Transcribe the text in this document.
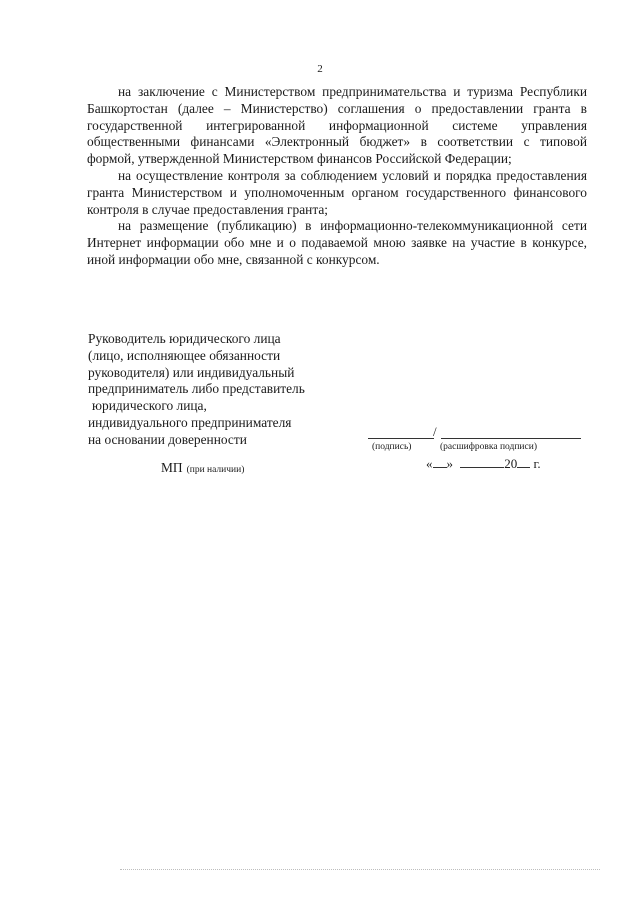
2

на заключение с Министерством предпринимательства и туризма Республики Башкортостан (далее – Министерство) соглашения о предоставлении гранта в государственной интегрированной информационной системе управления общественными финансами «Электронный бюджет» в соответствии с типовой формой, утвержденной Министерством финансов Российской Федерации;

на осуществление контроля за соблюдением условий и порядка предоставления гранта Министерством и уполномоченным органом государственного финансового контроля в случае предоставления гранта;

на размещение (публикацию) в информационно-телекоммуникационной сети Интернет информации обо мне и о подаваемой мною заявке на участие в конкурсе, иной информации обо мне, связанной с конкурсом.

Руководитель юридического лица
(лицо, исполняющее обязанности
руководителя) или индивидуальный
предприниматель либо представитель
юридического лица,
индивидуального предпринимателя
на основании доверенности
/
(подпись)	(расшифровка подписи)
« »	20 г.
МП (при наличии)
